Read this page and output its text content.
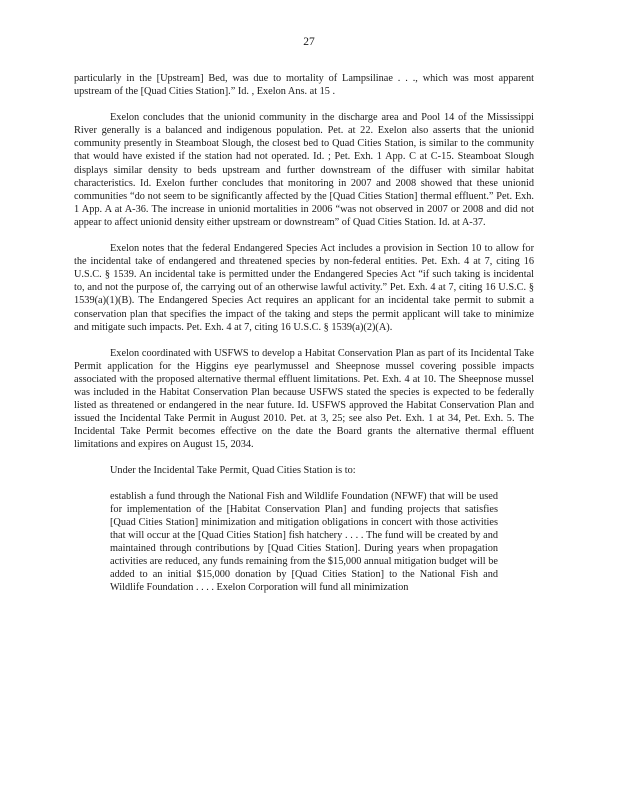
27

particularly in the [Upstream] Bed, was due to mortality of Lampsilinae . . ., which was most apparent upstream of the [Quad Cities Station].” Id. , Exelon Ans. at 15 .

Exelon concludes that the unionid community in the discharge area and Pool 14 of the Mississippi River generally is a balanced and indigenous population. Pet. at 22. Exelon also asserts that the unionid community presently in Steamboat Slough, the closest bed to Quad Cities Station, is similar to the community that would have existed if the station had not operated. Id. ; Pet. Exh. 1 App. C at C-15. Steamboat Slough displays similar density to beds upstream and further downstream of the diffuser with similar habitat characteristics. Id. Exelon further concludes that monitoring in 2007 and 2008 showed that these unionid communities “do not seem to be significantly affected by the [Quad Cities Station] thermal effluent.” Pet. Exh. 1 App. A at A-36. The increase in unionid mortalities in 2006 “was not observed in 2007 or 2008 and did not appear to affect unionid density either upstream or downstream” of Quad Cities Station. Id. at A-37.

Exelon notes that the federal Endangered Species Act includes a provision in Section 10 to allow for the incidental take of endangered and threatened species by non-federal entities. Pet. Exh. 4 at 7, citing 16 U.S.C. § 1539. An incidental take is permitted under the Endangered Species Act “if such taking is incidental to, and not the purpose of, the carrying out of an otherwise lawful activity.” Pet. Exh. 4 at 7, citing 16 U.S.C. § 1539(a)(1)(B). The Endangered Species Act requires an applicant for an incidental take permit to submit a conservation plan that specifies the impact of the taking and steps the permit applicant will take to minimize and mitigate such impacts. Pet. Exh. 4 at 7, citing 16 U.S.C. § 1539(a)(2)(A).

Exelon coordinated with USFWS to develop a Habitat Conservation Plan as part of its Incidental Take Permit application for the Higgins eye pearlymussel and Sheepnose mussel covering possible impacts associated with the proposed alternative thermal effluent limitations. Pet. Exh. 4 at 10. The Sheepnose mussel was included in the Habitat Conservation Plan because USFWS stated the species is expected to be federally listed as threatened or endangered in the near future. Id. USFWS approved the Habitat Conservation Plan and issued the Incidental Take Permit in August 2010. Pet. at 3, 25; see also Pet. Exh. 1 at 34, Pet. Exh. 5. The Incidental Take Permit becomes effective on the date the Board grants the alternative thermal effluent limitations and expires on August 15, 2034.

Under the Incidental Take Permit, Quad Cities Station is to:

establish a fund through the National Fish and Wildlife Foundation (NFWF) that will be used for implementation of the [Habitat Conservation Plan] and funding projects that satisfies [Quad Cities Station] minimization and mitigation obligations in concert with those activities that will occur at the [Quad Cities Station] fish hatchery . . . . The fund will be created by and maintained through contributions by [Quad Cities Station]. During years when propagation activities are reduced, any funds remaining from the $15,000 annual mitigation budget will be added to an initial $15,000 donation by [Quad Cities Station] to the National Fish and Wildlife Foundation . . . . Exelon Corporation will fund all minimization
